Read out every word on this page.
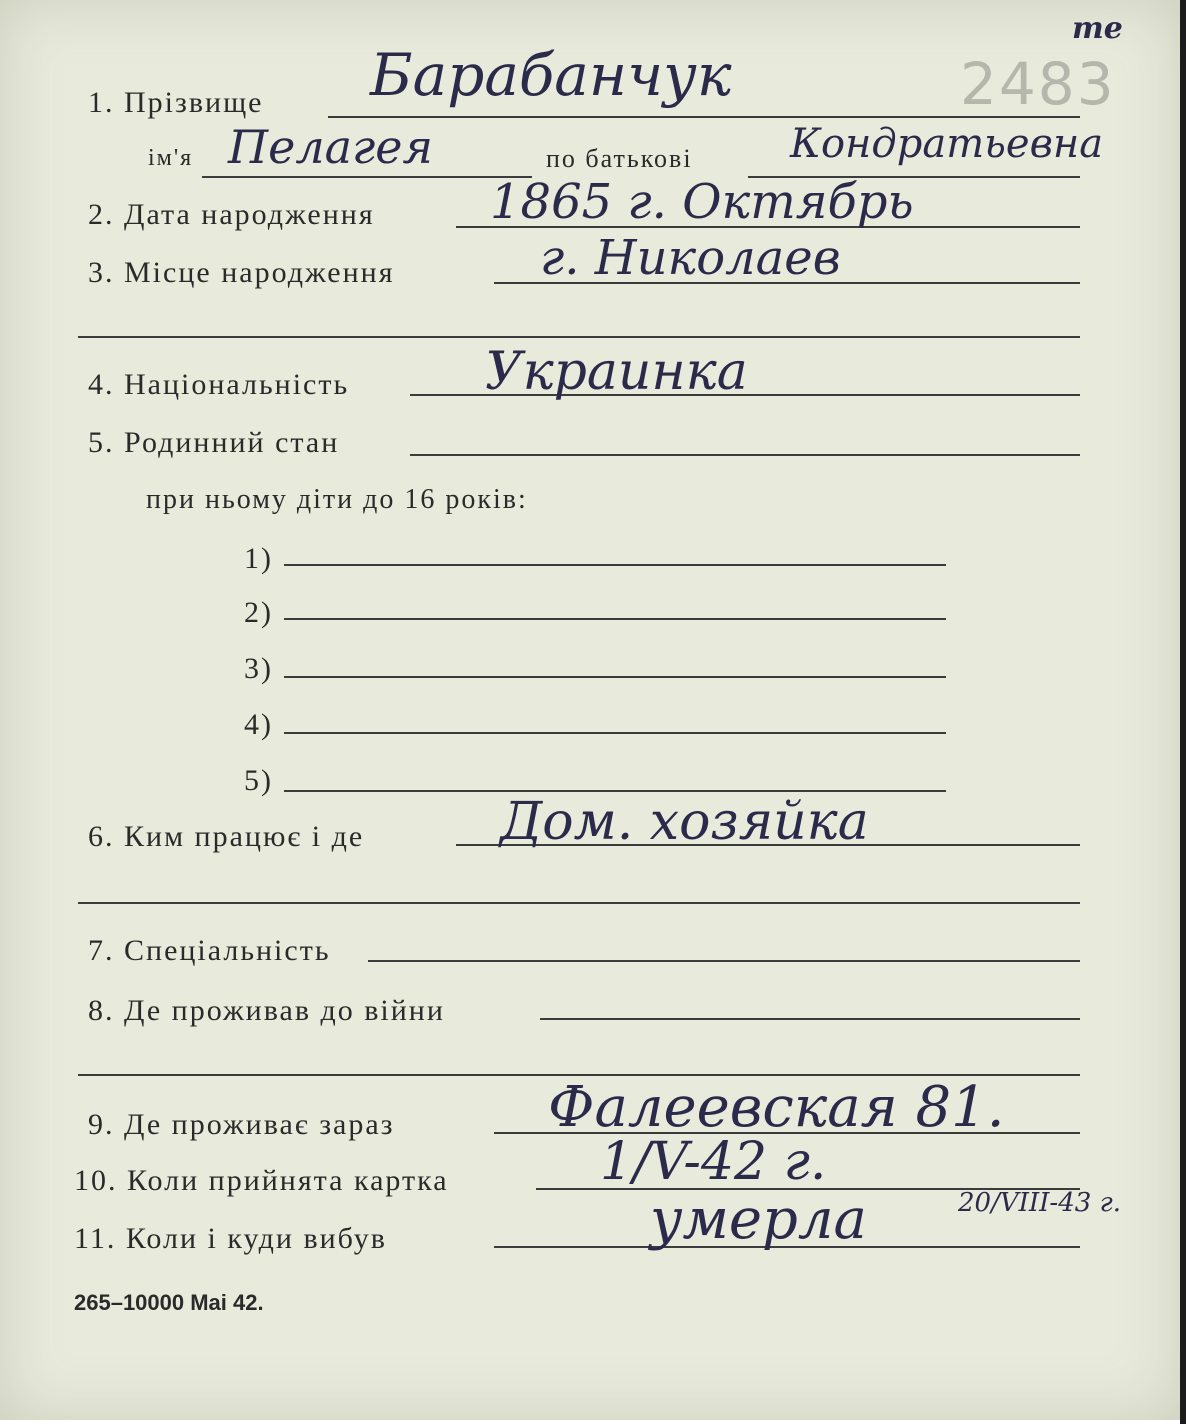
те
2483
1. Прізвище Барабанчук
ім'я Пелагея	по батькові Кондратьевна
2. Дата народження 1865 г. Октябрь
3. Місце народження	г. Николаев
4. Національність	Украинка
5. Родинний стан
при ньому діти до 16 років:
1)
2)
3)
4)
5)
6. Ким працює і де	Дом. хозяйка
7. Спеціальність
8. Де проживав до війни
9. Де проживає зараз	Фалеевская 81.
10. Коли прийнята картка	1/V-42 г.
11. Коли і куди вибув	умерла	20/VIII-43 г.
265–10000 Mai 42.
